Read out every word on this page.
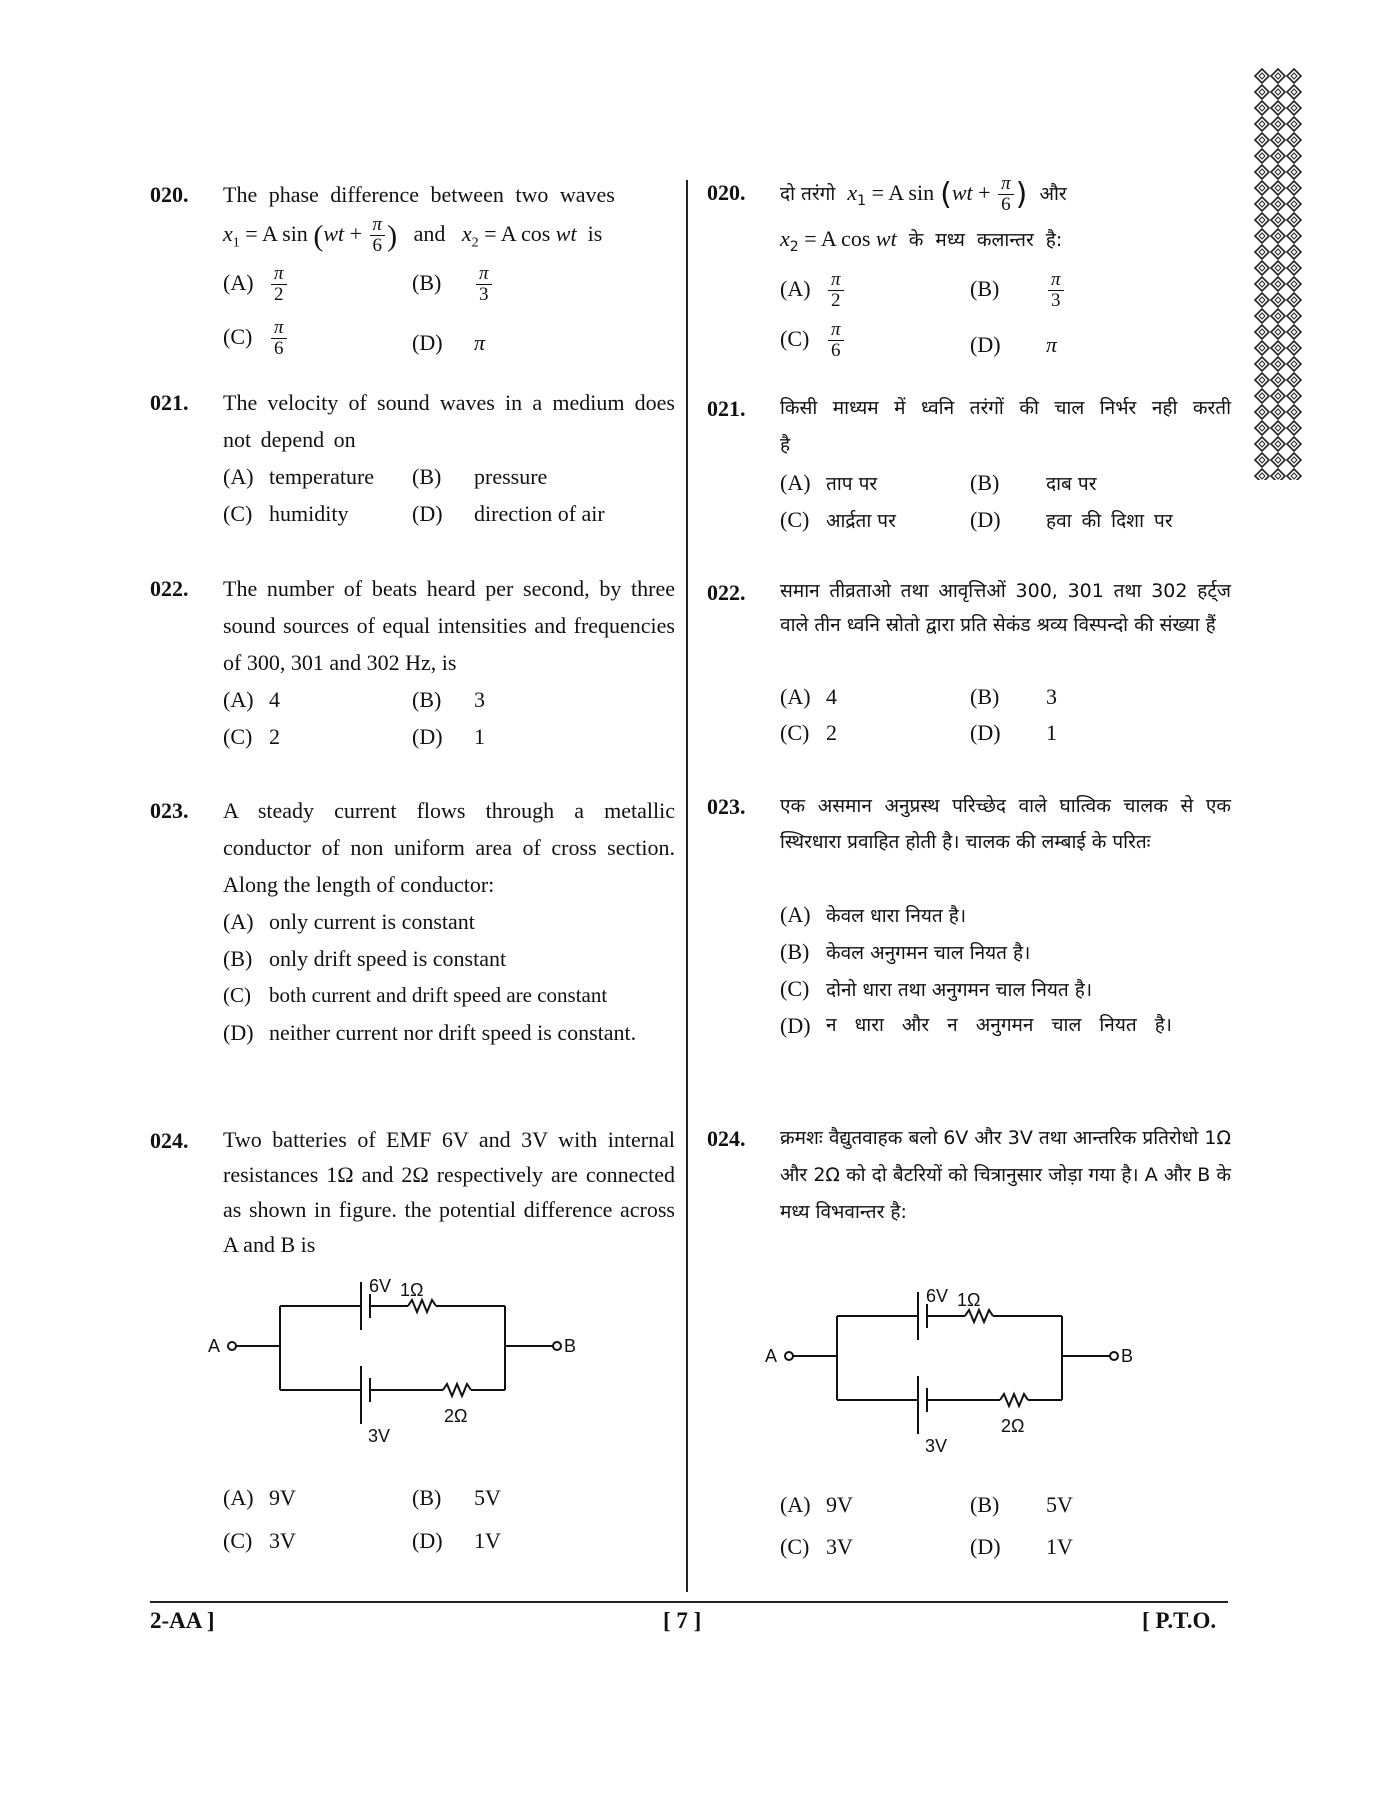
020. The phase difference between two waves
$x_1 = A$ $\sin (wt + \frac{\pi}{6}$ ) and $x_2 = A$ cos wt is
$(A) \frac{\pi}{2}$	$(B) \frac{\pi}{3}$
$(C) \frac{\pi}{6}$	(D) π
021. The velocity of sound waves in a medium does not depend on
(A) temperature (B) pressure
(C) humidity	(D) direction of air
022. The number of beats heard per second, by three sound sources of equal intensities and frequencies of 300, 301 and 302 Hz, is
(A) 4	(B) 3
(C) 2	(D) 1
023. A steady current flows through a metallic conductor of non uniform area of cross section. Along the length of conductor:
(A) only current is constant
(B) only drift speed is constant
(C) both current and drift speed are constant
(D) neither current nor drift speed is constant.
024. Two batteries of EMF 6V and 3V with internal resistances 1Ω and 2Ω respectively are connected as shown in figure. the potential difference across A and B is
6V 1Ω
A	B
2Ω
3V
(A) 9V	(B) 5V
(C) 3V	(D) 1V
020. दो तरंगो $x_1 = A$ $\sin (wt + \frac{\pi}{6}$ ) और
$x_2 = A$ cos wt के मध्य कलान्तर है:
$(A) \frac{\pi}{2}$	(B)	$\frac{\pi}{3}$
$(C) \frac{\pi}{6}$	(D) π
021. किसी माध्यम में ध्वनि तरंगों की चाल निर्भर नही करती है
(A) ताप पर	(B) दाब पर
(C) आर्द्रता पर	(D) हवा की दिशा पर
022. समान तीव्रताओ तथा आवृत्तिओं 300, 301 तथा 302 हर्ट्ज वाले तीन ध्वनि स्रोतो द्वारा प्रति सेकंड श्रव्य विस्पन्दो की संख्या हैं
(A) 4	(B) 3
(C) 2	(D) 1
023. एक असमान अनुप्रस्थ परिच्छेद वाले घात्विक चालक से एक स्थिरधारा प्रवाहित होती है। चालक की लम्बाई के परितः
(A) केवल धारा नियत है।
(B) केवल अनुगमन चाल नियत है।
(C) दोनो धारा तथा अनुगमन चाल नियत है।
(D) न धारा और न अनुगमन चाल नियत है।
024. क्रमशः वैद्युतवाहक बलो 6V और 3V तथा आन्तरिक प्रतिरोधो 1Ω और 2Ω को दो बैटरियों को चित्रानुसार जोड़ा गया है। A और B के मध्य विभवान्तर है:
6V 1Ω
A	B
2Ω
3V
(A) 9V	(B) 5V
(C) 3V	(D) 1V
2-AA ]	[ 7 ]	[ P.T.O.
